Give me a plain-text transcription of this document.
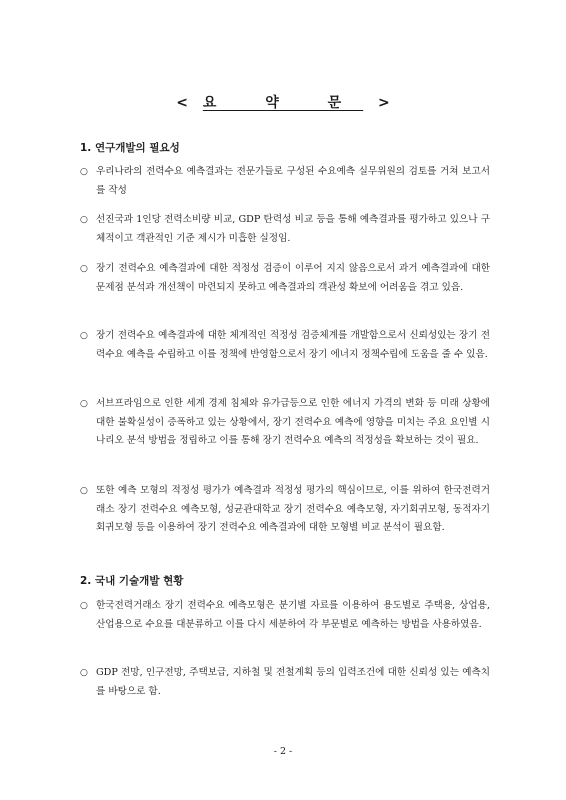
< 요 약 문 >
1. 연구개발의 필요성
○ 우리나라의 전력수요 예측결과는 전문가들로 구성된 수요예측 실무위원의 검토를 거쳐 보고서를 작성
○ 선진국과 1인당 전력소비량 비교, GDP 탄력성 비교 등을 통해 예측결과를 평가하고 있으나 구체적이고 객관적인 기준 제시가 미흡한 실정임.
○ 장기 전력수요 예측결과에 대한 적정성 검증이 이루어 지지 않음으로서 과거 예측결과에 대한 문제점 분석과 개선책이 마련되지 못하고 예측결과의 객관성 확보에 어려움을 겪고 있음.
○ 장기 전력수요 예측결과에 대한 체계적인 적정성 검증체계를 개발함으로서 신뢰성있는 장기 전력수요 예측을 수립하고 이를 정책에 반영함으로서 장기 에너지 정책수립에 도움을 줄 수 있음.
○ 서브프라임으로 인한 세계 경제 침체와 유가급등으로 인한 에너지 가격의 변화 등 미래 상황에 대한 불확실성이 증폭하고 있는 상황에서, 장기 전력수요 예측에 영향을 미치는 주요 요인별 시나리오 분석 방법을 정립하고 이를 통해 장기 전력수요 예측의 적정성을 확보하는 것이 필요.
○ 또한 예측 모형의 적정성 평가가 예측결과 적정성 평가의 핵심이므로, 이를 위하여 한국전력거래소 장기 전력수요 예측모형, 성균관대학교 장기 전력수요 예측모형, 자기회귀모형, 동적자기회귀모형 등을 이용하여 장기 전력수요 예측결과에 대한 모형별 비교 분석이 필요함.
2. 국내 기술개발 현황
○ 한국전력거래소 장기 전력수요 예측모형은 분기별 자료를 이용하여 용도별로 주택용, 상업용, 산업용으로 수요를 대분류하고 이를 다시 세분하여 각 부문별로 예측하는 방법을 사용하였음.
○ GDP 전망, 인구전망, 주택보급, 지하철 및 전철계획 등의 입력조건에 대한 신뢰성 있는 예측치를 바탕으로 함.
- 2 -
